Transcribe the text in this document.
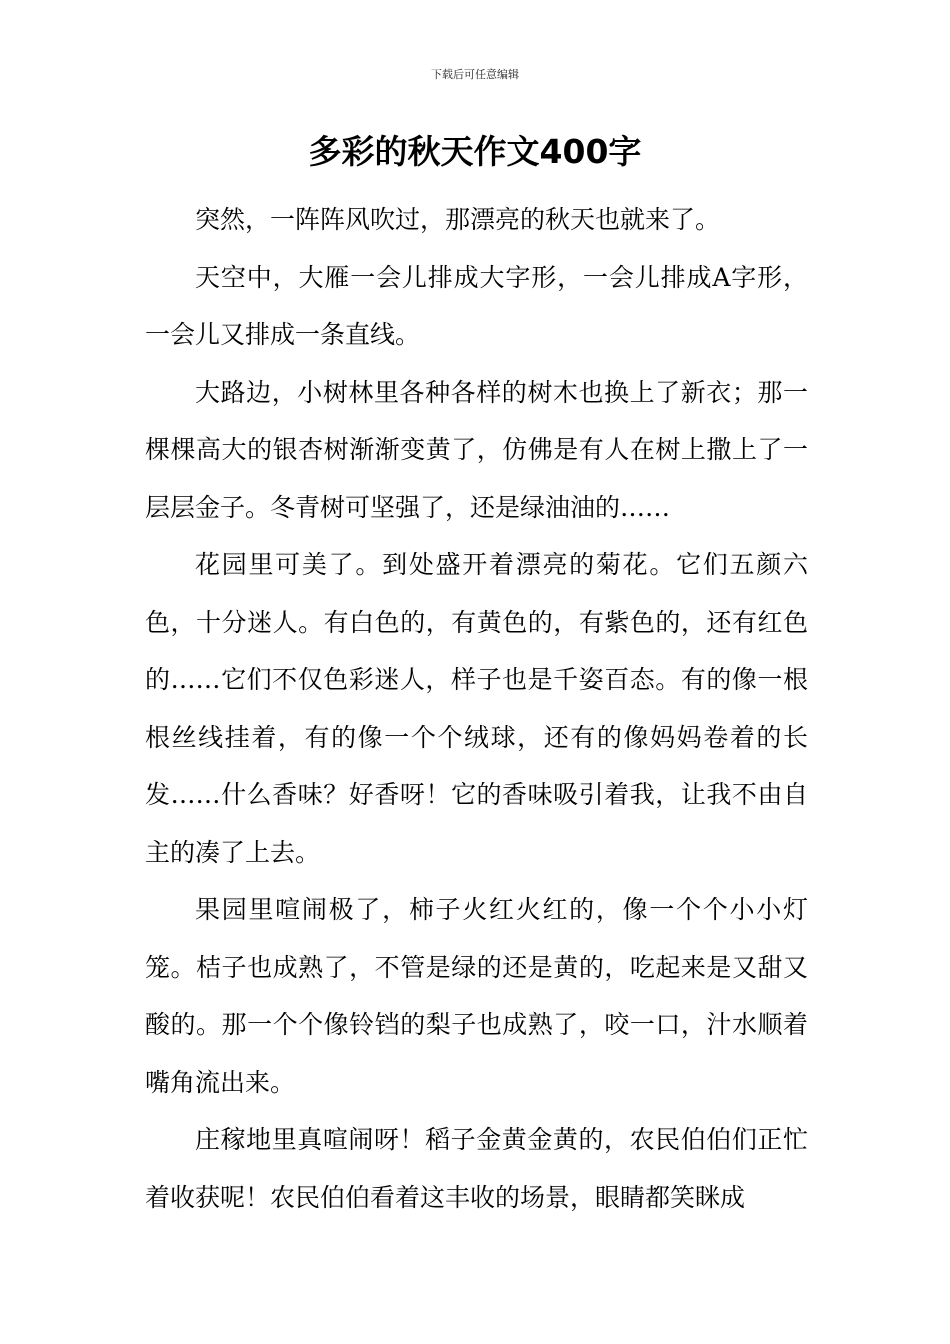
下载后可任意编辑
多彩的秋天作文400字

突然，一阵阵风吹过，那漂亮的秋天也就来了。

天空中，大雁一会儿排成大字形，一会儿排成A字形，一会儿又排成一条直线。

大路边，小树林里各种各样的树木也换上了新衣；那一棵棵高大的银杏树渐渐变黄了，仿佛是有人在树上撒上了一层层金子。冬青树可坚强了，还是绿油油的……

花园里可美了。到处盛开着漂亮的菊花。它们五颜六色，十分迷人。有白色的，有黄色的，有紫色的，还有红色的……它们不仅色彩迷人，样子也是千姿百态。有的像一根根丝线挂着，有的像一个个绒球，还有的像妈妈卷着的长发……什么香味？好香呀！它的香味吸引着我，让我不由自主的凑了上去。

果园里喧闹极了，柿子火红火红的，像一个个小小灯笼。桔子也成熟了，不管是绿的还是黄的，吃起来是又甜又酸的。那一个个像铃铛的梨子也成熟了，咬一口，汁水顺着嘴角流出来。

庄稼地里真喧闹呀！稻子金黄金黄的，农民伯伯们正忙着收获呢！农民伯伯看着这丰收的场景，眼睛都笑眯成
